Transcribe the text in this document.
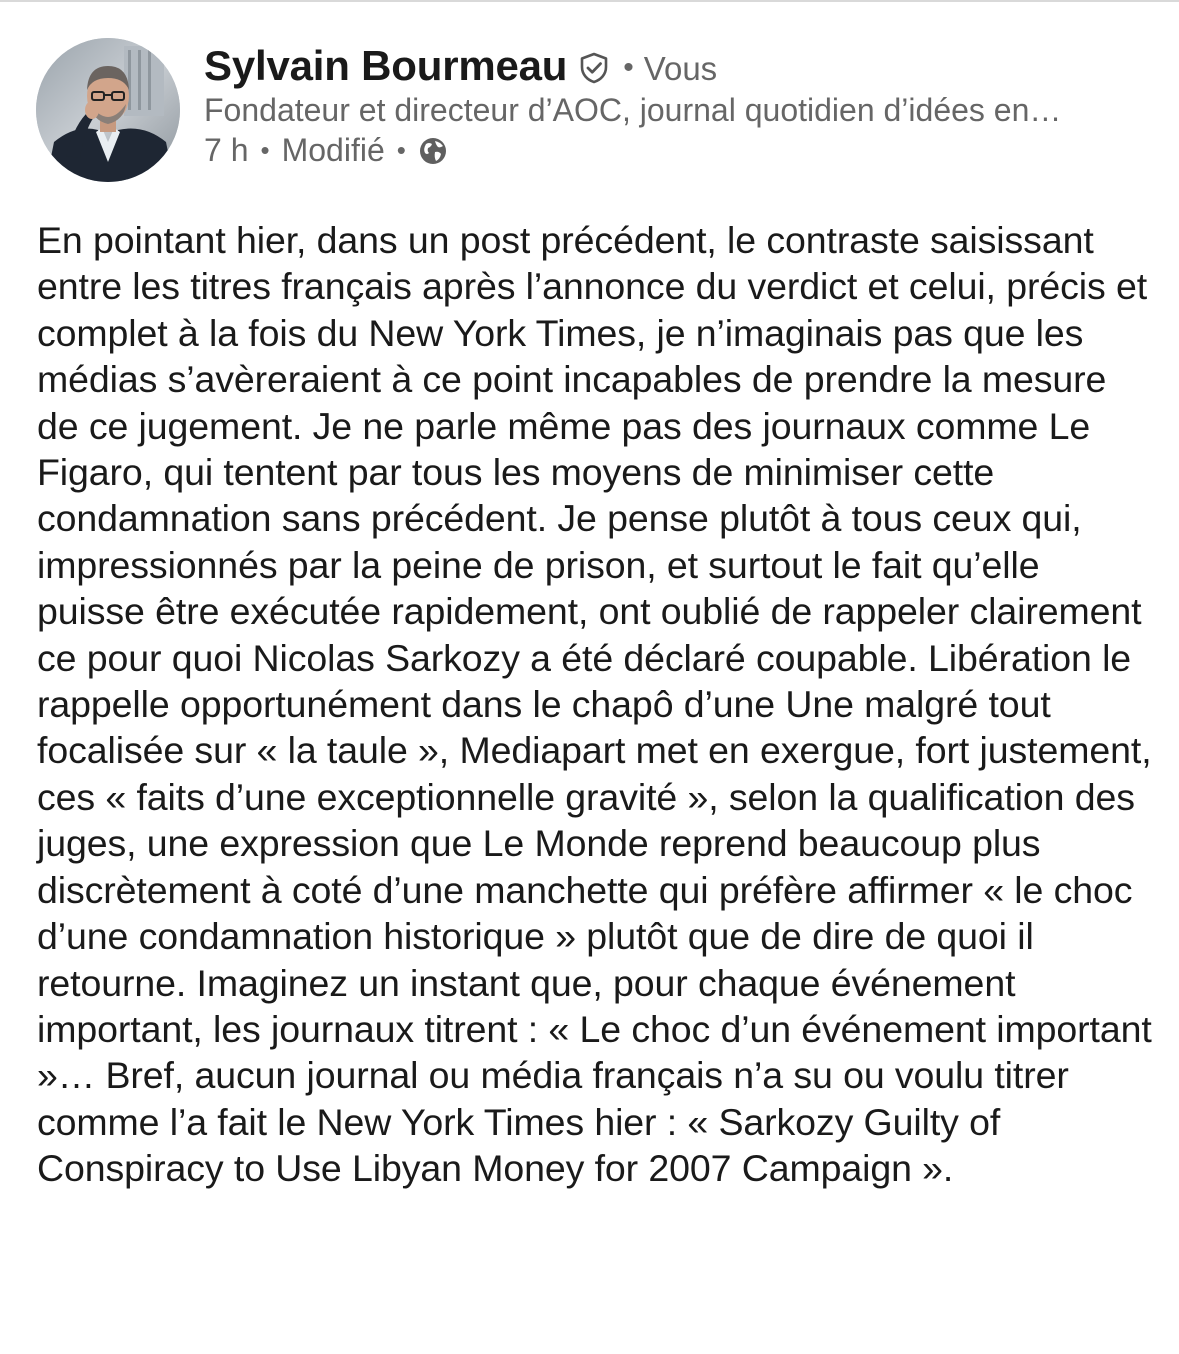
Sylvain Bourmeau • Vous
Fondateur et directeur d’AOC, journal quotidien d’idées en…
7 h • Modifié •

En pointant hier, dans un post précédent, le contraste saisissant entre les titres français après l’annonce du verdict et celui, précis et complet à la fois du New York Times, je n’imaginais pas que les médias s’avèreraient à ce point incapables de prendre la mesure de ce jugement. Je ne parle même pas des journaux comme Le Figaro, qui tentent par tous les moyens de minimiser cette condamnation sans précédent. Je pense plutôt à tous ceux qui, impressionnés par la peine de prison, et surtout le fait qu’elle puisse être exécutée rapidement, ont oublié de rappeler clairement ce pour quoi Nicolas Sarkozy a été déclaré coupable. Libération le rappelle opportunément dans le chapô d’une Une malgré tout focalisée sur « la taule », Mediapart met en exergue, fort justement, ces « faits d’une exceptionnelle gravité », selon la qualification des juges, une expression que Le Monde reprend beaucoup plus discrètement à coté d’une manchette qui préfère affirmer « le choc d’une condamnation historique » plutôt que de dire de quoi il retourne. Imaginez un instant que, pour chaque événement important, les journaux titrent : « Le choc d’un événement important »… Bref, aucun journal ou média français n’a su ou voulu titrer comme l’a fait le New York Times hier : « Sarkozy Guilty of Conspiracy to Use Libyan Money for 2007 Campaign ».
